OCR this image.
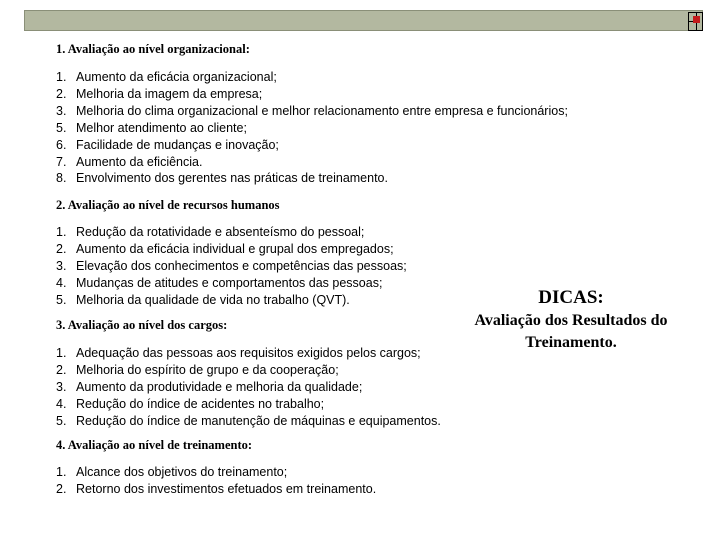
1. Avaliação ao nível organizacional:

1. Aumento da eficácia organizacional;
2. Melhoria da imagem da empresa;
3. Melhoria do clima organizacional e melhor relacionamento entre empresa e funcionários;
5. Melhor atendimento ao cliente;
6. Facilidade de mudanças e inovação;
7. Aumento da eficiência.
8. Envolvimento dos gerentes nas práticas de treinamento.

2. Avaliação ao nível de recursos humanos

1. Redução da rotatividade e absenteísmo do pessoal;
2. Aumento da eficácia individual e grupal dos empregados;
3. Elevação dos conhecimentos e competências das pessoas;
4. Mudanças de atitudes e comportamentos das pessoas;
5. Melhoria da qualidade de vida no trabalho (QVT).

3. Avaliação ao nível dos cargos:

1. Adequação das pessoas aos requisitos exigidos pelos cargos;
2. Melhoria do espírito de grupo e da cooperação;
3. Aumento da produtividade e melhoria da qualidade;
4. Redução do índice de acidentes no trabalho;
5. Redução do índice de manutenção de máquinas e equipamentos.

4. Avaliação ao nível de treinamento:

1. Alcance dos objetivos do treinamento;
2. Retorno dos investimentos efetuados em treinamento.
DICAS:
Avaliação dos Resultados do
Treinamento.
